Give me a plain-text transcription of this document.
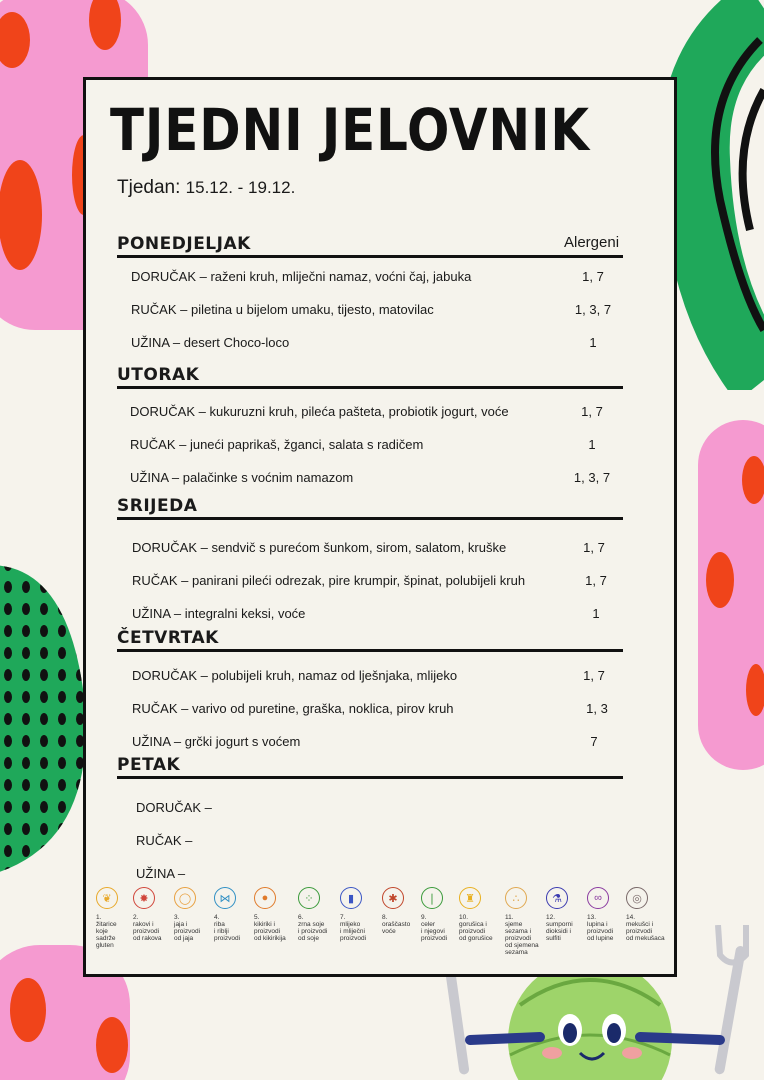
TJEDNI JELOVNIK
Tjedan: 15.12. - 19.12.
Alergeni
PONEDJELJAK
DORUČAK – raženi kruh, mliječni namaz, voćni čaj, jabuka	1, 7
RUČAK – piletina u bijelom umaku, tijesto, matovilac	1, 3, 7
UŽINA – desert Choco-loco	1
UTORAK
DORUČAK – kukuruzni kruh, pileća pašteta, probiotik jogurt, voće	1, 7
RUČAK – juneći paprikaš, žganci, salata s radičem	1
UŽINA – palačinke s voćnim namazom	1, 3, 7
SRIJEDA
DORUČAK – sendvič s purećom šunkom, sirom, salatom, kruške	1, 7
RUČAK – panirani pileći odrezak, pire krumpir, špinat, polubijeli kruh	1, 7
UŽINA – integralni keksi, voće	1
ČETVRTAK
DORUČAK – polubijeli kruh, namaz od lješnjaka, mlijeko	1, 7
RUČAK – varivo od puretine, graška, noklica, pirov kruh	1, 3
UŽINA – grčki jogurt s voćem	7
PETAK
DORUČAK –
RUČAK –
UŽINA –
❦
1.
žitarice
koje
sadrže
gluten
✸
2.
rakovi i
proizvodi
od rakova
◯
3.
jaja i
proizvodi
od jaja
⋈
4.
riba
i riblji
proizvodi
●
5.
kikiriki i
proizvodi
od kikirikija
⁘
6.
zrna soje
i proizvodi
od soje
▮
7.
mlijeko
i mliječni
proizvodi
✱
8.
oraščasto
voće
❘
9.
celer
i njegovi
proizvodi
♜
10.
gorušica i
proizvodi
od gorušice
∴
11.
sjeme
sezama i
proizvodi
od sjemena
sezama
⚗
12.
sumporni
dioksidi i
sulfiti
∞
13.
lupina i
proizvodi
od lupine
◎
14.
mekušci i
proizvodi
od mekušaca
